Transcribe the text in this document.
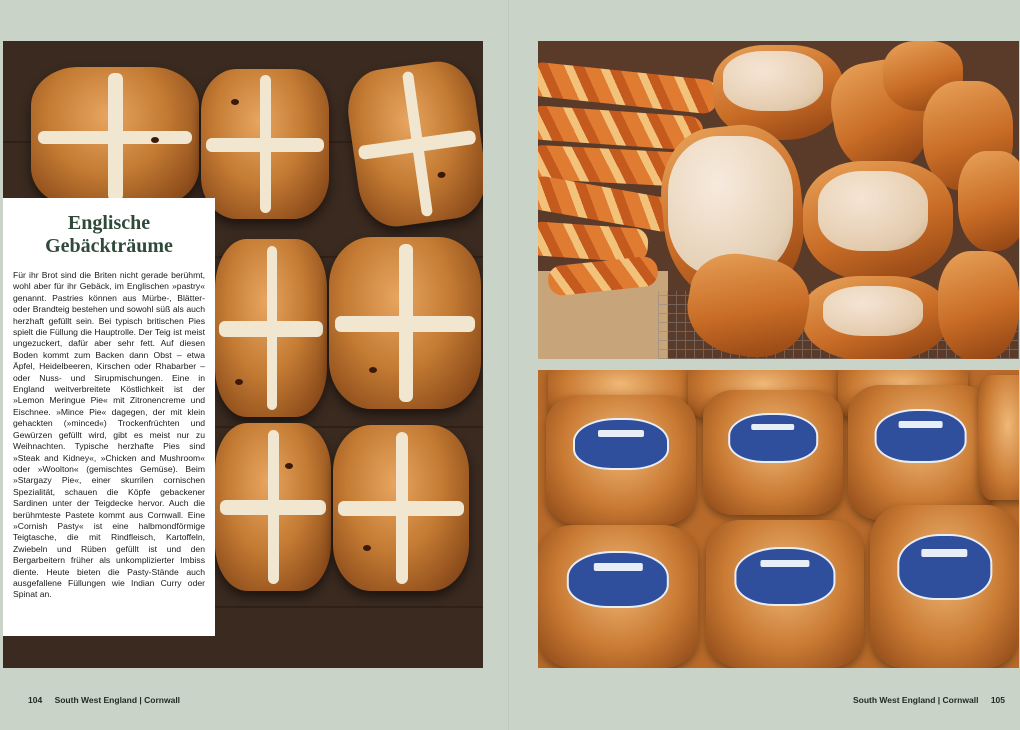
Englische
Gebäckträume

Für ihr Brot sind die Briten nicht gerade berühmt, wohl aber für ihr Gebäck, im Englischen »pastry« genannt. Pastries können aus Mürbe-, Blätter- oder Brandteig bestehen und sowohl süß als auch herzhaft gefüllt sein. Bei typisch britischen Pies spielt die Füllung die Hauptrolle. Der Teig ist meist ungezuckert, dafür aber sehr fett. Auf diesen Boden kommt zum Backen dann Obst – etwa Äpfel, Heidelbeeren, Kirschen oder Rhabarber – oder Nuss- und Sirupmischungen. Eine in England weitverbreitete Köstlichkeit ist der »Lemon Meringue Pie« mit Zitronencreme und Eischnee. »Mince Pie« dagegen, der mit klein gehackten (»minced«) Trockenfrüchten und Gewürzen gefüllt wird, gibt es meist nur zu Weihnachten. Typische herzhafte Pies sind »Steak and Kidney«, »Chicken and Mushroom« oder »Woolton« (gemischtes Gemüse). Beim »Stargazy Pie«, einer skurrilen cornischen Spezialität, schauen die Köpfe gebackener Sardinen unter der Teigdecke hervor. Auch die berühmteste Pastete kommt aus Cornwall. Eine »Cornish Pasty« ist eine halbmondförmige Teigtasche, die mit Rindfleisch, Kartoffeln, Zwiebeln und Rüben gefüllt ist und den Bergarbeitern früher als unkomplizierter Imbiss diente. Heute bieten die Pasty-Stände auch ausgefallene Füllungen wie Indian Curry oder Spinat an.

104 South West England | Cornwall	South West England | Cornwall 105
